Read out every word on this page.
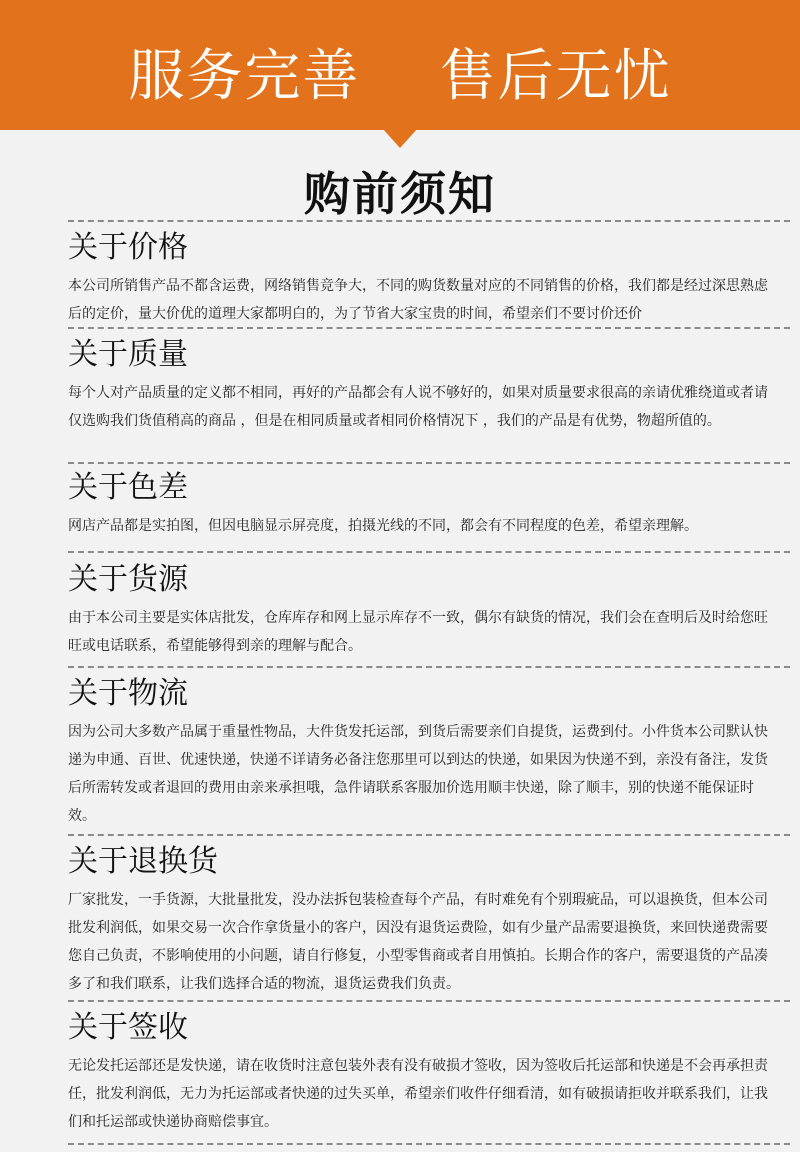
服务完善    售后无忧
购前须知
关于价格

本公司所销售产品不都含运费，网络销售竞争大，不同的购货数量对应的不同销售的价格，我们都是经过深思熟虑后的定价，量大价优的道理大家都明白的，为了节省大家宝贵的时间，希望亲们不要讨价还价

关于质量

每个人对产品质量的定义都不相同，再好的产品都会有人说不够好的，如果对质量要求很高的亲请优雅绕道或者请仅选购我们货值稍高的商品 ，但是在相同质量或者相同价格情况下 ，我们的产品是有优势，物超所值的。

关于色差

网店产品都是实拍图，但因电脑显示屏亮度，拍摄光线的不同，都会有不同程度的色差，希望亲理解。

关于货源

由于本公司主要是实体店批发，仓库库存和网上显示库存不一致，偶尔有缺货的情况，我们会在查明后及时给您旺旺或电话联系，希望能够得到亲的理解与配合。

关于物流

因为公司大多数产品属于重量性物品，大件货发托运部，到货后需要亲们自提货，运费到付。小件货本公司默认快递为申通、百世、优速快递，快递不详请务必备注您那里可以到达的快递，如果因为快递不到，亲没有备注，发货后所需转发或者退回的费用由亲来承担哦，急件请联系客服加价选用顺丰快递，除了顺丰，别的快递不能保证时效。

关于退换货

厂家批发，一手货源，大批量批发，没办法拆包装检查每个产品，有时难免有个别瑕疵品，可以退换货，但本公司批发利润低，如果交易一次合作拿货量小的客户，因没有退货运费险，如有少量产品需要退换货，来回快递费需要您自己负责，不影响使用的小问题，请自行修复，小型零售商或者自用慎拍。长期合作的客户，需要退货的产品凑多了和我们联系，让我们选择合适的物流，退货运费我们负责。

关于签收

无论发托运部还是发快递，请在收货时注意包装外表有没有破损才签收，因为签收后托运部和快递是不会再承担责任，批发利润低，无力为托运部或者快递的过失买单，希望亲们收件仔细看清，如有破损请拒收并联系我们，让我们和托运部或快递协商赔偿事宜。
